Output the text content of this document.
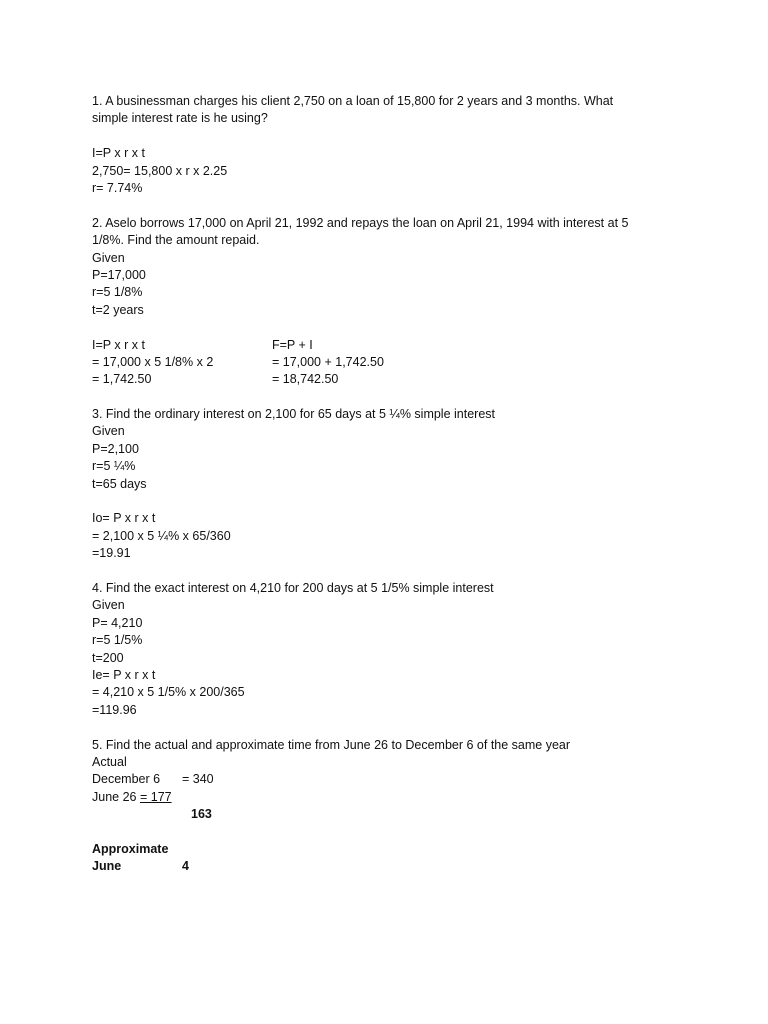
1. A businessman charges his client 2,750 on a loan of 15,800 for 2 years and 3 months. What simple interest rate is he using?
I=P x r x t
2,750= 15,800 x r x 2.25
r= 7.74%
2. Aselo borrows 17,000 on April 21, 1992 and repays the loan on April 21, 1994 with interest at 5 1/8%. Find the amount repaid.
Given
P=17,000
r=5 1/8%
t=2 years
I=P x r x t
= 17,000 x 5 1/8% x 2
= 1,742.50
F=P + I
= 17,000 + 1,742.50
= 18,742.50
3. Find the ordinary interest on 2,100 for 65 days at 5 ¼% simple interest
Given
P=2,100
r=5 ¼%
t=65 days
Io= P x r x t
= 2,100 x 5 ¼% x 65/360
=19.91
4. Find the exact interest on 4,210 for 200 days at 5 1/5% simple interest
Given
P= 4,210
r=5 1/5%
t=200
Ie= P x r x t
= 4,210 x 5 1/5% x 200/365
=119.96
5. Find the actual and approximate time from June 26 to December 6 of the same year
Actual
December 6	= 340
June 26
= 177
163
Approximate
June	4
